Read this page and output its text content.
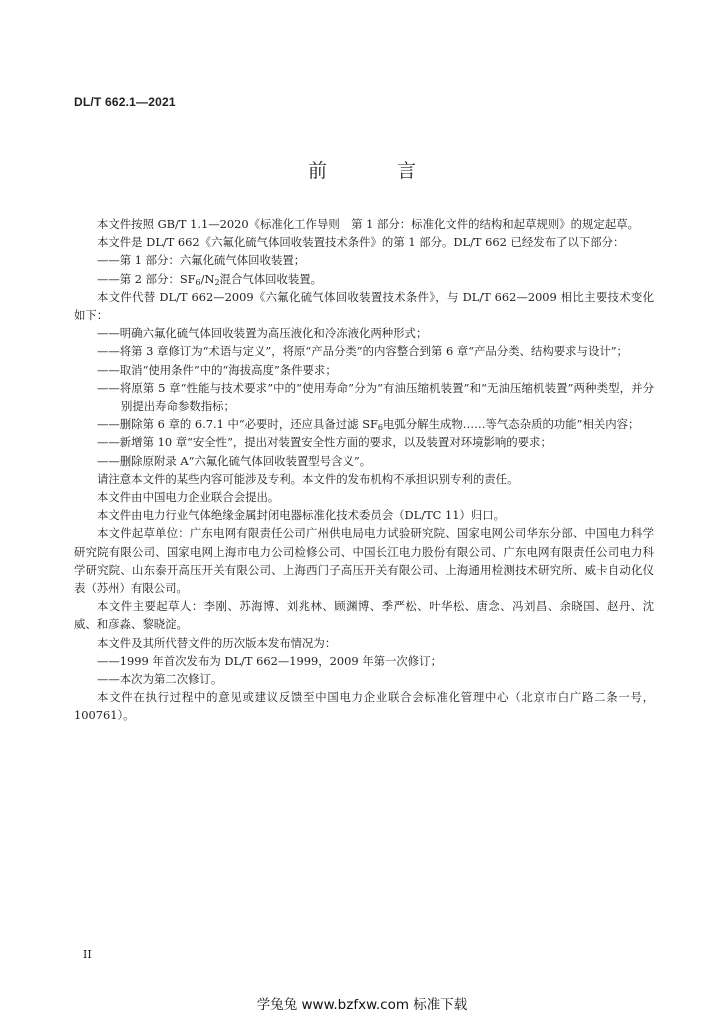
DL/T 662.1—2021
前 言

本文件按照 GB/T 1.1—2020《标准化工作导则　第 1 部分：标准化文件的结构和起草规则》的规定起草。

本文件是 DL/T 662《六氟化硫气体回收装置技术条件》的第 1 部分。DL/T 662 已经发布了以下部分：

——第 1 部分：六氟化硫气体回收装置；

——第 2 部分：$SF_6/N_2$混合气体回收装置。

本文件代替 DL/T 662—2009《六氟化硫气体回收装置技术条件》，与 DL/T 662—2009 相比主要技术变化如下：

——明确六氟化硫气体回收装置为高压液化和冷冻液化两种形式；

——将第 3 章修订为“术语与定义”，将原“产品分类”的内容整合到第 6 章“产品分类、结构要求与设计”；

——取消“使用条件”中的“海拔高度”条件要求；

——将原第 5 章“性能与技术要求”中的“使用寿命”分为“有油压缩机装置”和“无油压缩机装置”两种类型，并分别提出寿命参数指标；

——删除第 6 章的 6.7.1 中“必要时，还应具备过滤 $SF_6$电弧分解生成物……等气态杂质的功能”相关内容；

——新增第 10 章“安全性”，提出对装置安全性方面的要求，以及装置对环境影响的要求；

——删除原附录 A“六氟化硫气体回收装置型号含义”。

请注意本文件的某些内容可能涉及专利。本文件的发布机构不承担识别专利的责任。

本文件由中国电力企业联合会提出。

本文件由电力行业气体绝缘金属封闭电器标准化技术委员会（DL/TC 11）归口。

本文件起草单位：广东电网有限责任公司广州供电局电力试验研究院、国家电网公司华东分部、中国电力科学研究院有限公司、国家电网上海市电力公司检修公司、中国长江电力股份有限公司、广东电网有限责任公司电力科学研究院、山东泰开高压开关有限公司、上海西门子高压开关有限公司、上海通用检测技术研究所、威卡自动化仪表（苏州）有限公司。

本文件主要起草人：李刚、苏海博、刘兆林、顾渊博、季严松、叶华松、唐念、冯刘昌、余晓国、赵丹、沈威、和彦淼、黎晓淀。

本文件及其所代替文件的历次版本发布情况为：

——1999 年首次发布为 DL/T 662—1999，2009 年第一次修订；

——本次为第二次修订。

本文件在执行过程中的意见或建议反馈至中国电力企业联合会标准化管理中心（北京市白广路二条一号，100761）。

II
学兔兔 www.bzfxw.com 标准下载
